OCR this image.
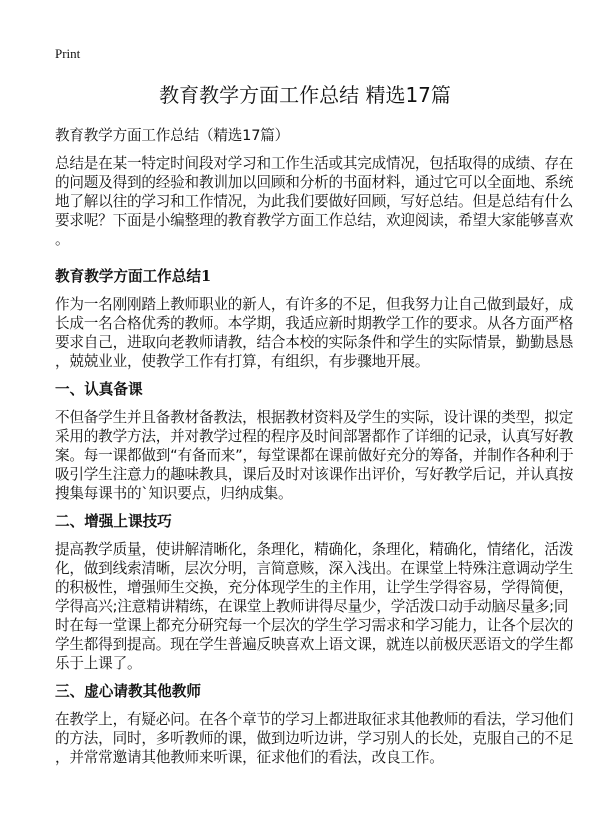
Print
教育教学方面工作总结 精选17篇
教育教学方面工作总结（精选17篇）

总结是在某一特定时间段对学习和工作生活或其完成情况，包括取得的成绩、存在
的问题及得到的经验和教训加以回顾和分析的书面材料，通过它可以全面地、系统
地了解以往的学习和工作情况，为此我们要做好回顾，写好总结。但是总结有什么
要求呢？下面是小编整理的教育教学方面工作总结，欢迎阅读，希望大家能够喜欢
。

教育教学方面工作总结1
作为一名刚刚踏上教师职业的新人，有许多的不足，但我努力让自己做到最好，成
长成一名合格优秀的教师。本学期，我适应新时期教学工作的要求。从各方面严格
要求自己，进取向老教师请教，结合本校的实际条件和学生的实际情景，勤勤恳恳
，兢兢业业，使教学工作有打算，有组织，有步骤地开展。
一、认真备课
不但备学生并且备教材备教法，根据教材资料及学生的实际，设计课的类型，拟定
采用的教学方法，并对教学过程的程序及时间部署都作了详细的记录，认真写好教
案。每一课都做到“有备而来”，每堂课都在课前做好充分的筹备，并制作各种利于
吸引学生注意力的趣味教具，课后及时对该课作出评价，写好教学后记，并认真按
搜集每课书的`知识要点，归纳成集。
二、增强上课技巧
提高教学质量，使讲解清晰化，条理化，精确化，条理化，精确化，情绪化，活泼
化，做到线索清晰，层次分明，言简意赅，深入浅出。在课堂上特殊注意调动学生
的积极性，增强师生交换，充分体现学生的主作用，让学生学得容易，学得简便，
学得高兴;注意精讲精练，在课堂上教师讲得尽量少，学活泼口动手动脑尽量多;同
时在每一堂课上都充分研究每一个层次的学生学习需求和学习能力，让各个层次的
学生都得到提高。现在学生普遍反映喜欢上语文课，就连以前极厌恶语文的学生都
乐于上课了。
三、虚心请教其他教师
在教学上，有疑必问。在各个章节的学习上都进取征求其他教师的看法，学习他们
的方法，同时，多听教师的课，做到边听边讲，学习别人的长处，克服自己的不足
，并常常邀请其他教师来听课，征求他们的看法，改良工作。
